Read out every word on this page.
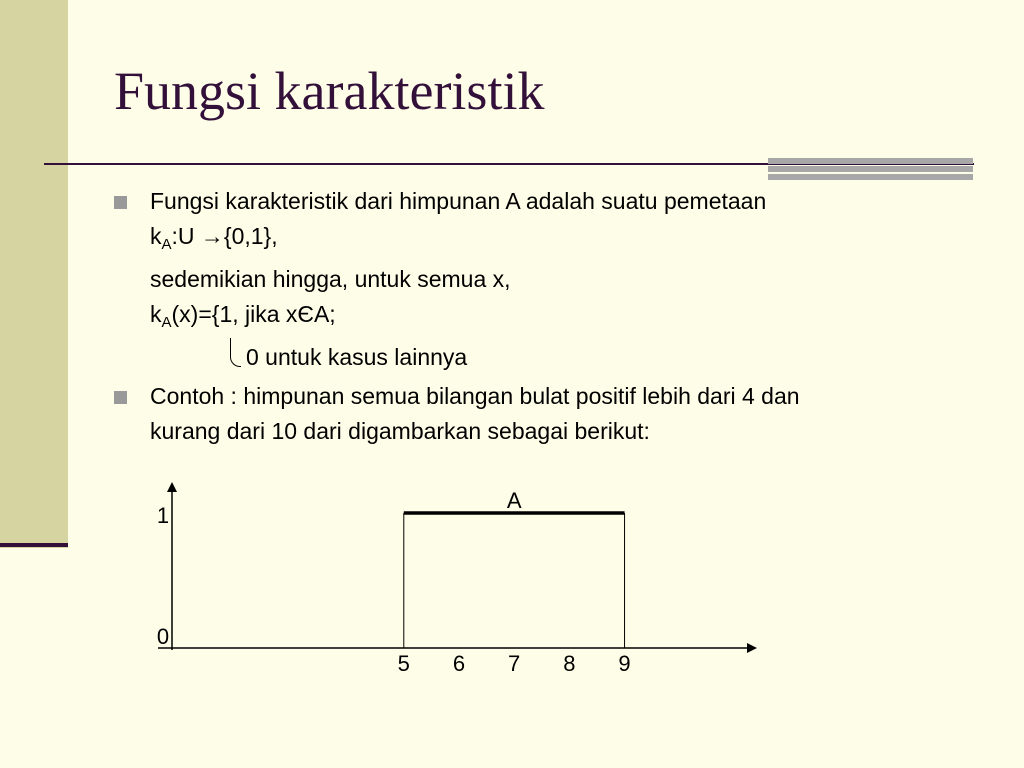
Fungsi karakteristik
Fungsi karakteristik dari himpunan A adalah suatu pemetaan
$k_A:U \to\{0,1\}$,
sedemikian hingga, untuk semua x,
$k_A(x)=\{1$, jika xЄA;
0 untuk kasus lainnya
Contoh : himpunan semua bilangan bulat positif lebih dari 4 dan
kurang dari 10 dari digambarkan sebagai berikut:
0
1
5 6 7 8 9
A
